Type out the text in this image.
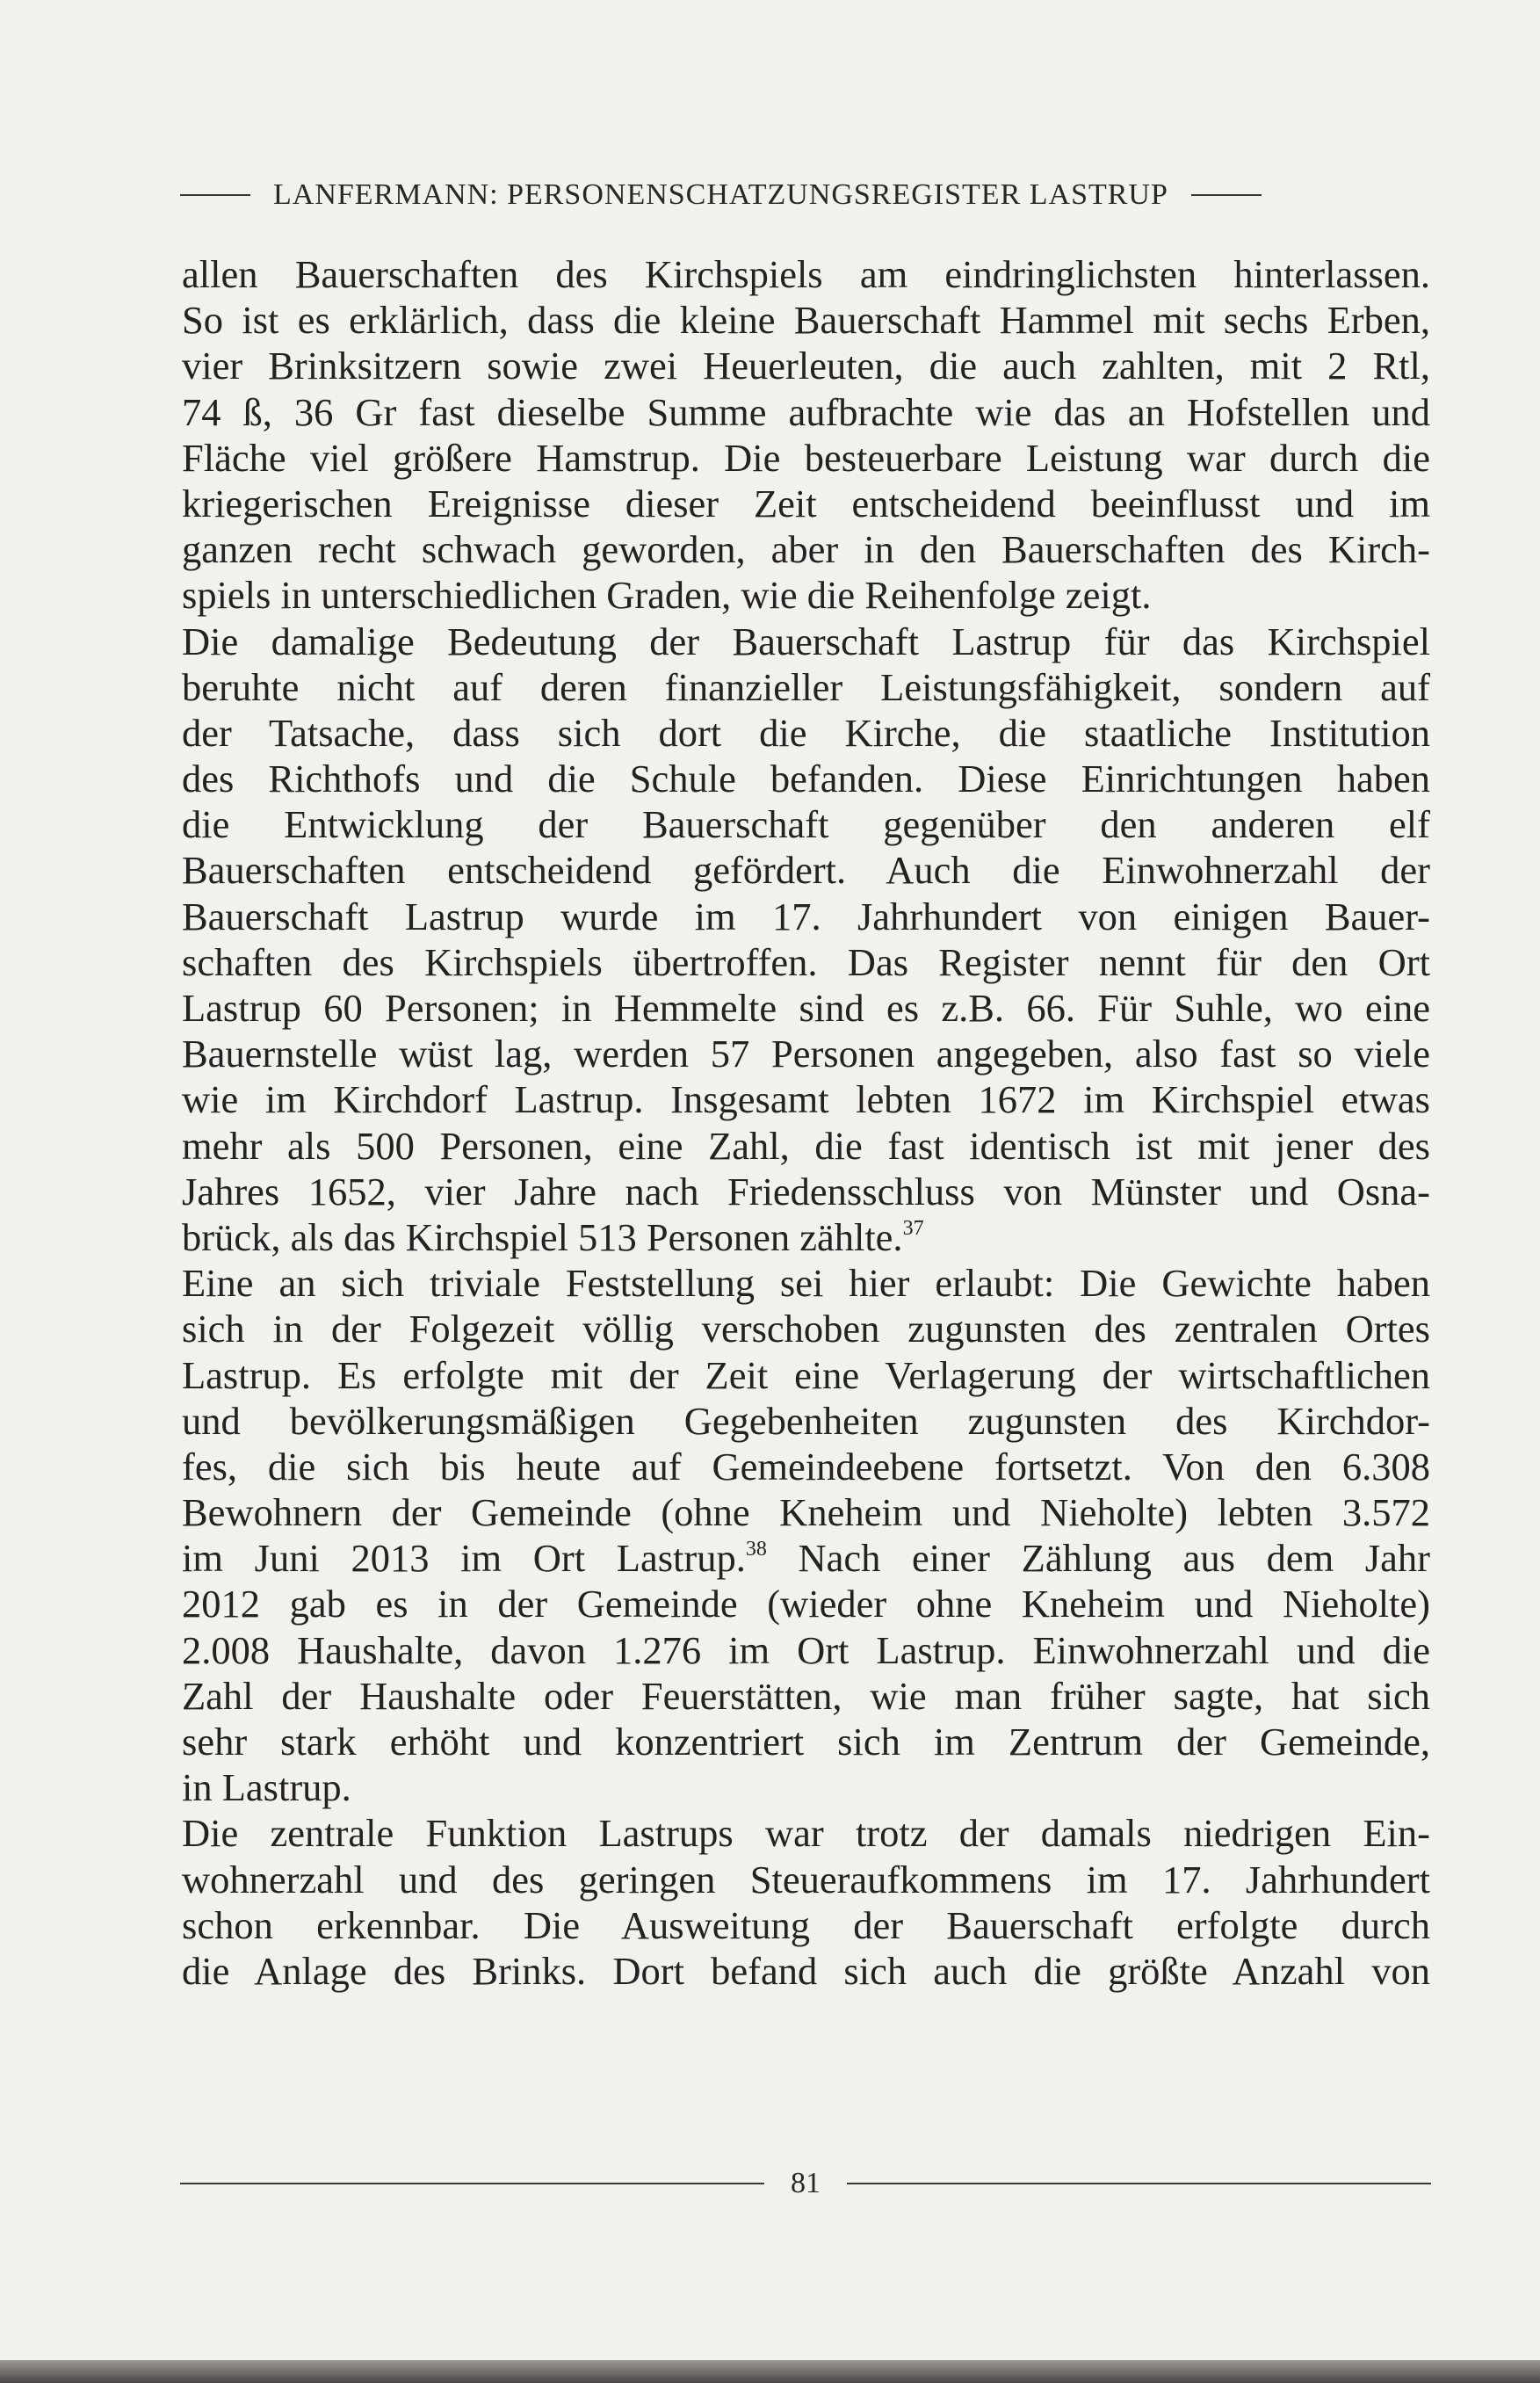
LANFERMANN: PERSONENSCHATZUNGSREGISTER LASTRUP
allen Bauerschaften des Kirchspiels am eindringlichsten hinterlassen.
So ist es erklärlich, dass die kleine Bauerschaft Hammel mit sechs Erben,
vier Brinksitzern sowie zwei Heuerleuten, die auch zahlten, mit 2 Rtl,
74 ß, 36 Gr fast dieselbe Summe aufbrachte wie das an Hofstellen und
Fläche viel größere Hamstrup. Die besteuerbare Leistung war durch die
kriegerischen Ereignisse dieser Zeit entscheidend beeinflusst und im
ganzen recht schwach geworden, aber in den Bauerschaften des Kirch-
spiels in unterschiedlichen Graden, wie die Reihenfolge zeigt.
Die damalige Bedeutung der Bauerschaft Lastrup für das Kirchspiel
beruhte nicht auf deren finanzieller Leistungsfähigkeit, sondern auf
der Tatsache, dass sich dort die Kirche, die staatliche Institution
des Richthofs und die Schule befanden. Diese Einrichtungen haben
die Entwicklung der Bauerschaft gegenüber den anderen elf
Bauerschaften entscheidend gefördert. Auch die Einwohnerzahl der
Bauerschaft Lastrup wurde im 17. Jahrhundert von einigen Bauer-
schaften des Kirchspiels übertroffen. Das Register nennt für den Ort
Lastrup 60 Personen; in Hemmelte sind es z.B. 66. Für Suhle, wo eine
Bauernstelle wüst lag, werden 57 Personen angegeben, also fast so viele
wie im Kirchdorf Lastrup. Insgesamt lebten 1672 im Kirchspiel etwas
mehr als 500 Personen, eine Zahl, die fast identisch ist mit jener des
Jahres 1652, vier Jahre nach Friedensschluss von Münster und Osna-
brück, als das Kirchspiel 513 Personen zählte.$^{37}$
Eine an sich triviale Feststellung sei hier erlaubt: Die Gewichte haben
sich in der Folgezeit völlig verschoben zugunsten des zentralen Ortes
Lastrup. Es erfolgte mit der Zeit eine Verlagerung der wirtschaftlichen
und bevölkerungsmäßigen Gegebenheiten zugunsten des Kirchdor-
fes, die sich bis heute auf Gemeindeebene fortsetzt. Von den 6.308
Bewohnern der Gemeinde (ohne Kneheim und Nieholte) lebten 3.572
im Juni 2013 im Ort Lastrup.$^{38}$ Nach einer Zählung aus dem Jahr
2012 gab es in der Gemeinde (wieder ohne Kneheim und Nieholte)
2.008 Haushalte, davon 1.276 im Ort Lastrup. Einwohnerzahl und die
Zahl der Haushalte oder Feuerstätten, wie man früher sagte, hat sich
sehr stark erhöht und konzentriert sich im Zentrum der Gemeinde,
in Lastrup.
Die zentrale Funktion Lastrups war trotz der damals niedrigen Ein-
wohnerzahl und des geringen Steueraufkommens im 17. Jahrhundert
schon erkennbar. Die Ausweitung der Bauerschaft erfolgte durch
die Anlage des Brinks. Dort befand sich auch die größte Anzahl von
81
